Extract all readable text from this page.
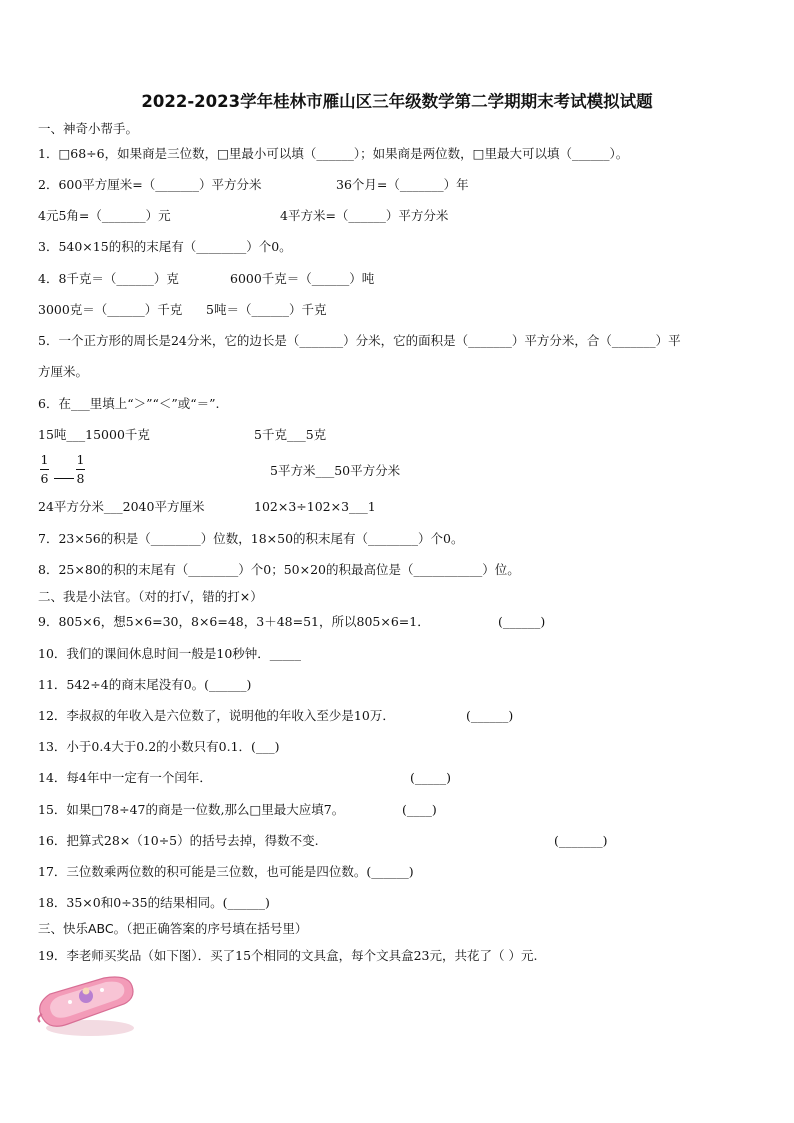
2022-2023学年桂林市雁山区三年级数学第二学期期末考试模拟试题
一、神奇小帮手。
1．□68÷6，如果商是三位数，□里最小可以填（______）；如果商是两位数，□里最大可以填（______）。
2．600平方厘米=（_______）平方分米	36个月=（_______）年
4元5角=（_______）元	4平方米=（______）平方分米
3．540×15的积的末尾有（________）个0。
4．8千克＝（______）克	6000千克＝（______）吨
3000克＝（______）千克 5吨＝（______）千克
5．一个正方形的周长是24分米，它的边长是（_______）分米，它的面积是（_______）平方分米，合（_______）平
方厘米。
6．在___里填上“＞”“＜”或“＝”.
15吨___15000千克	5千克___5克
1
6
1
8
5平方米___50平方分米
24平方分米___2040平方厘米	102×3÷102×3___1
7．23×56的积是（________）位数，18×50的积末尾有（________）个0。
8．25×80的积的末尾有（________）个0；50×20的积最高位是（___________）位。
二、我是小法官。（对的打√，错的打×）
9．805×6，想5×6=30，8×6=48，3＋48=51，所以805×6=1．	(______)
10．我们的课间休息时间一般是10秒钟．_____
11．542÷4的商末尾没有0。(______)
12．李叔叔的年收入是六位数了，说明他的年收入至少是10万．	(______)
13．小于0.4大于0.2的小数只有0.1．(___)
14．每4年中一定有一个闰年．	(_____)
15．如果□78÷47的商是一位数,那么□里最大应填7。	(____)
16．把算式28×（10÷5）的括号去掉，得数不变.	(_______)
17．三位数乘两位数的积可能是三位数，也可能是四位数。(______)
18．35×0和0÷35的结果相同。(______)
三、快乐ABC。（把正确答案的序号填在括号里）
19．李老师买奖品（如下图）．买了15个相同的文具盒，每个文具盒23元，共花了（ ）元.
